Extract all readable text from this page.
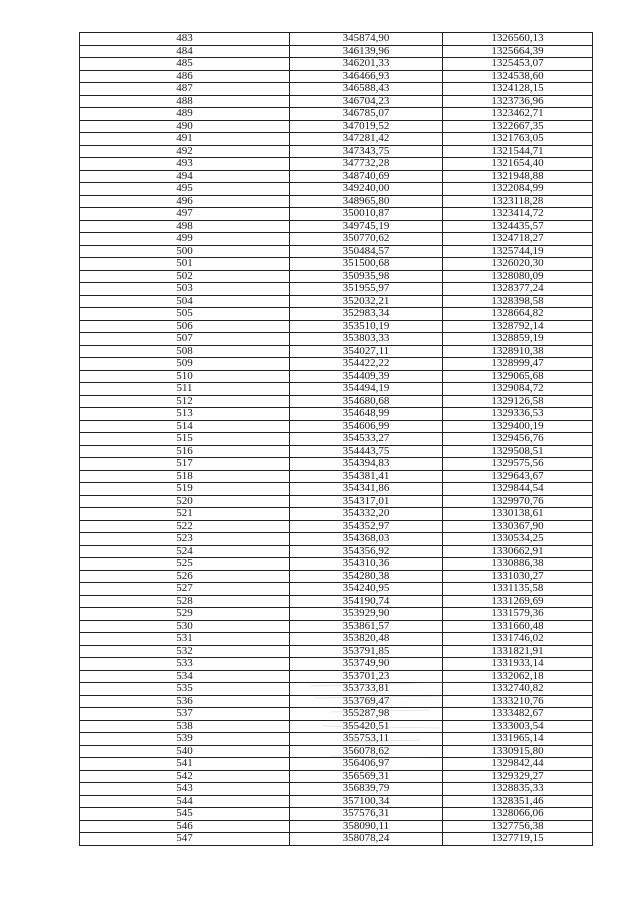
483	345874,90	1326560,13
484	346139,96	1325664,39
485	346201,33	1325453,07
486	346466,93	1324538,60
487	346588,43	1324128,15
488	346704,23	1323736,96
489	346785,07	1323462,71
490	347019,52	1322667,35
491	347281,42	1321763,05
492	347343,75	1321544,71
493	347732,28	1321654,40
494	348740,69	1321948,88
495	349240,00	1322084,99
496	348965,80	1323118,28
497	350010,87	1323414,72
498	349745,19	1324435,57
499	350770,62	1324718,27
500	350484,57	1325744,19
501	351500,68	1326020,30
502	350935,98	1328080,09
503	351955,97	1328377,24
504	352032,21	1328398,58
505	352983,34	1328664,82
506	353510,19	1328792,14
507	353803,33	1328859,19
508	354027,11	1328910,38
509	354422,22	1328999,47
510	354409,39	1329065,68
511	354494,19	1329084,72
512	354680,68	1329126,58
513	354648,99	1329336,53
514	354606,99	1329400,19
515	354533,27	1329456,76
516	354443,75	1329508,51
517	354394,83	1329575,56
518	354381,41	1329643,67
519	354341,86	1329844,54
520	354317,01	1329970,76
521	354332,20	1330138,61
522	354352,97	1330367,90
523	354368,03	1330534,25
524	354356,92	1330662,91
525	354310,36	1330886,38
526	354280,38	1331030,27
527	354240,95	1331135,58
528	354190,74	1331269,69
529	353929,90	1331579,36
530	353861,57	1331660,48
531	353820,48	1331746,02
532	353791,85	1331821,91
533	353749,90	1331933,14
534	353701,23	1332062,18
535	353733,81	1332740,82
536	353769,47	1333210,76
537	355287,98	1333482,67
538	355420,51	1333003,54
539	355753,11	1331965,14
540	356078,62	1330915,80
541	356406,97	1329842,44
542	356569,31	1329329,27
543	356839,79	1328835,33
544	357100,34	1328351,46
545	357576,31	1328066,06
546	358090,11	1327756,38
547	358078,24	1327719,15
